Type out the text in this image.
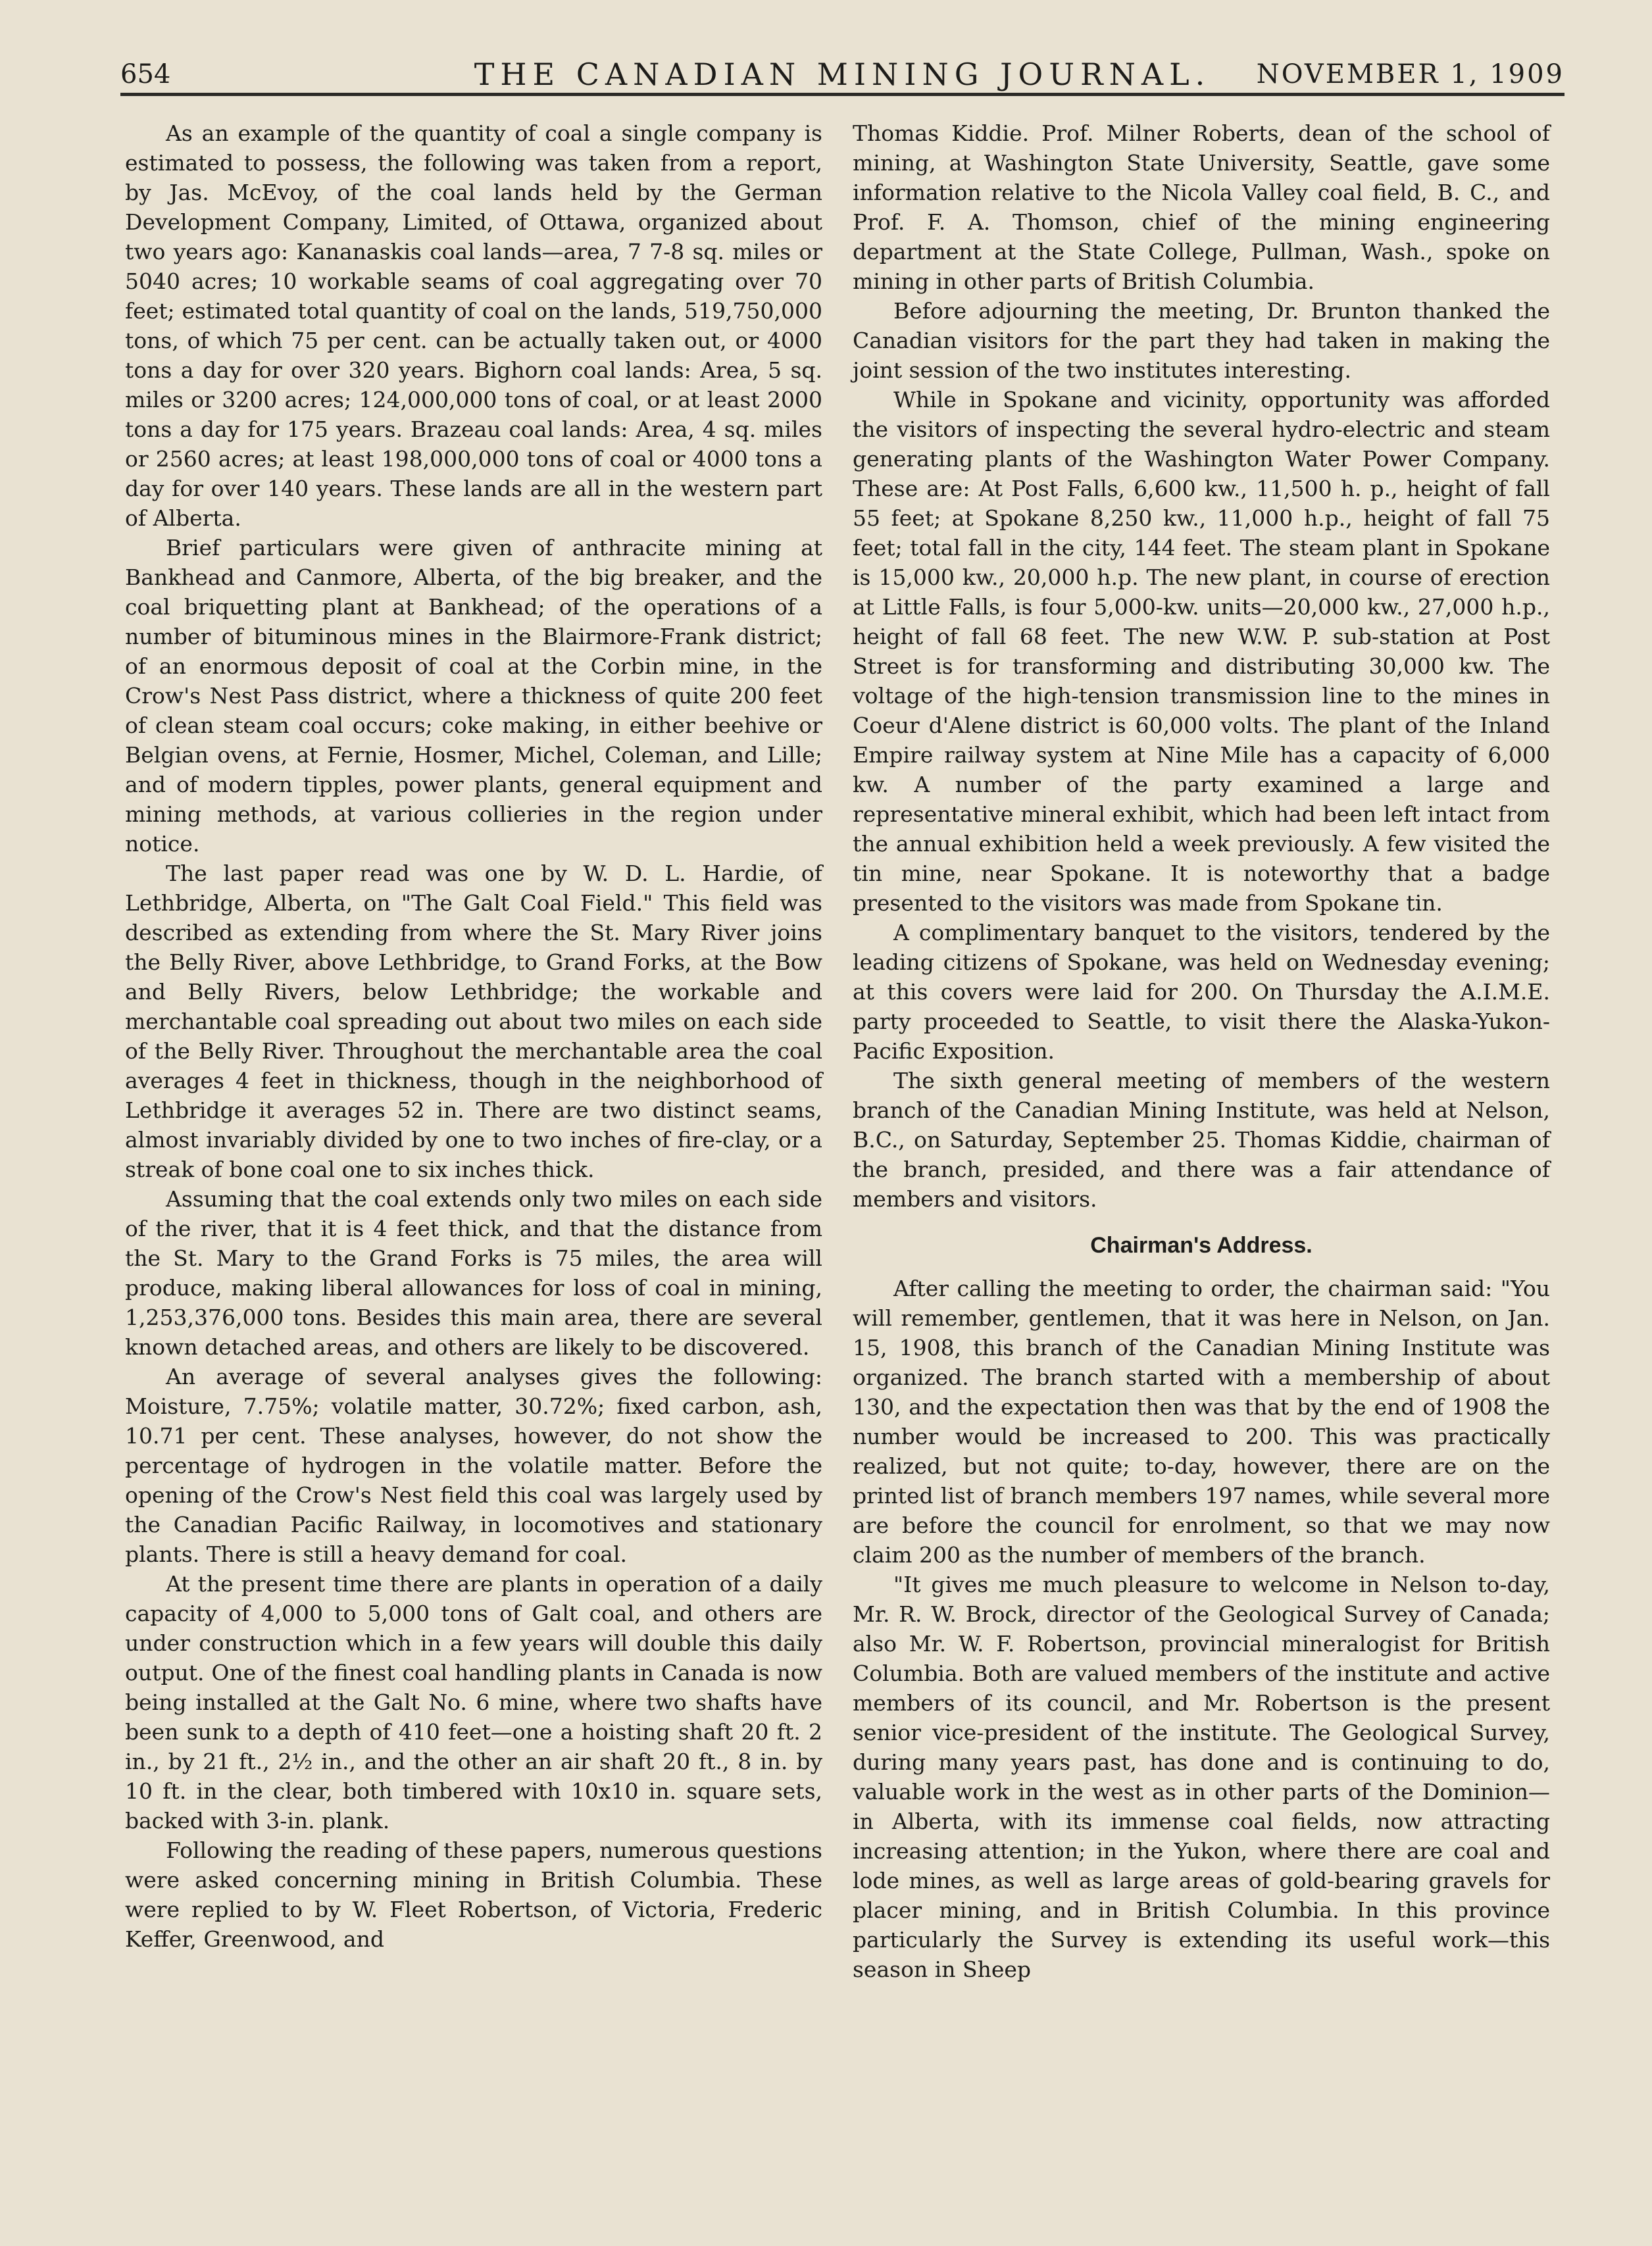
654	THE CANADIAN MINING JOURNAL.	NOVEMBER 1, 1909

As an example of the quantity of coal a single company is estimated to possess, the following was taken from a report, by Jas. McEvoy, of the coal lands held by the German Development Company, Limited, of Ottawa, organized about two years ago: Kananaskis coal lands—area, 7 7-8 sq. miles or 5040 acres; 10 workable seams of coal aggregating over 70 feet; estimated total quantity of coal on the lands, 519,750,000 tons, of which 75 per cent. can be actually taken out, or 4000 tons a day for over 320 years. Bighorn coal lands: Area, 5 sq. miles or 3200 acres; 124,000,000 tons of coal, or at least 2000 tons a day for 175 years. Brazeau coal lands: Area, 4 sq. miles or 2560 acres; at least 198,000,000 tons of coal or 4000 tons a day for over 140 years. These lands are all in the western part of Alberta.

Brief particulars were given of anthracite mining at Bankhead and Canmore, Alberta, of the big breaker, and the coal briquetting plant at Bankhead; of the operations of a number of bituminous mines in the Blairmore-Frank district; of an enormous deposit of coal at the Corbin mine, in the Crow's Nest Pass district, where a thickness of quite 200 feet of clean steam coal occurs; coke making, in either beehive or Belgian ovens, at Fernie, Hosmer, Michel, Coleman, and Lille; and of modern tipples, power plants, general equipment and mining methods, at various collieries in the region under notice.

The last paper read was one by W. D. L. Hardie, of Lethbridge, Alberta, on "The Galt Coal Field." This field was described as extending from where the St. Mary River joins the Belly River, above Lethbridge, to Grand Forks, at the Bow and Belly Rivers, below Lethbridge; the workable and merchantable coal spreading out about two miles on each side of the Belly River. Throughout the merchantable area the coal averages 4 feet in thickness, though in the neighborhood of Lethbridge it averages 52 in. There are two distinct seams, almost invariably divided by one to two inches of fire-clay, or a streak of bone coal one to six inches thick.

Assuming that the coal extends only two miles on each side of the river, that it is 4 feet thick, and that the distance from the St. Mary to the Grand Forks is 75 miles, the area will produce, making liberal allowances for loss of coal in mining, 1,253,376,000 tons. Besides this main area, there are several known detached areas, and others are likely to be discovered.

An average of several analyses gives the following: Moisture, 7.75%; volatile matter, 30.72%; fixed carbon, ash, 10.71 per cent. These analyses, however, do not show the percentage of hydrogen in the volatile matter. Before the opening of the Crow's Nest field this coal was largely used by the Canadian Pacific Railway, in locomotives and stationary plants. There is still a heavy demand for coal.

At the present time there are plants in operation of a daily capacity of 4,000 to 5,000 tons of Galt coal, and others are under construction which in a few years will double this daily output. One of the finest coal handling plants in Canada is now being installed at the Galt No. 6 mine, where two shafts have been sunk to a depth of 410 feet—one a hoisting shaft 20 ft. 2 in., by 21 ft., 2½ in., and the other an air shaft 20 ft., 8 in. by 10 ft. in the clear, both timbered with 10x10 in. square sets, backed with 3-in. plank.

Following the reading of these papers, numerous questions were asked concerning mining in British Columbia. These were replied to by W. Fleet Robertson, of Victoria, Frederic Keffer, Greenwood, and

Thomas Kiddie. Prof. Milner Roberts, dean of the school of mining, at Washington State University, Seattle, gave some information relative to the Nicola Valley coal field, B. C., and Prof. F. A. Thomson, chief of the mining engineering department at the State College, Pullman, Wash., spoke on mining in other parts of British Columbia.

Before adjourning the meeting, Dr. Brunton thanked the Canadian visitors for the part they had taken in making the joint session of the two institutes interesting.

While in Spokane and vicinity, opportunity was afforded the visitors of inspecting the several hydro-electric and steam generating plants of the Washington Water Power Company. These are: At Post Falls, 6,600 kw., 11,500 h. p., height of fall 55 feet; at Spokane 8,250 kw., 11,000 h.p., height of fall 75 feet; total fall in the city, 144 feet. The steam plant in Spokane is 15,000 kw., 20,000 h.p. The new plant, in course of erection at Little Falls, is four 5,000-kw. units—20,000 kw., 27,000 h.p., height of fall 68 feet. The new W.W. P. sub-station at Post Street is for transforming and distributing 30,000 kw. The voltage of the high-tension transmission line to the mines in Coeur d'Alene district is 60,000 volts. The plant of the Inland Empire railway system at Nine Mile has a capacity of 6,000 kw. A number of the party examined a large and representative mineral exhibit, which had been left intact from the annual exhibition held a week previously. A few visited the tin mine, near Spokane. It is noteworthy that a badge presented to the visitors was made from Spokane tin.

A complimentary banquet to the visitors, tendered by the leading citizens of Spokane, was held on Wednesday evening; at this covers were laid for 200. On Thursday the A.I.M.E. party proceeded to Seattle, to visit there the Alaska-Yukon-Pacific Exposition.

The sixth general meeting of members of the western branch of the Canadian Mining Institute, was held at Nelson, B.C., on Saturday, September 25. Thomas Kiddie, chairman of the branch, presided, and there was a fair attendance of members and visitors.

Chairman's Address.

After calling the meeting to order, the chairman said: "You will remember, gentlemen, that it was here in Nelson, on Jan. 15, 1908, this branch of the Canadian Mining Institute was organized. The branch started with a membership of about 130, and the expectation then was that by the end of 1908 the number would be increased to 200. This was practically realized, but not quite; to-day, however, there are on the printed list of branch members 197 names, while several more are before the council for enrolment, so that we may now claim 200 as the number of members of the branch.

"It gives me much pleasure to welcome in Nelson to-day, Mr. R. W. Brock, director of the Geological Survey of Canada; also Mr. W. F. Robertson, provincial mineralogist for British Columbia. Both are valued members of the institute and active members of its council, and Mr. Robertson is the present senior vice-president of the institute. The Geological Survey, during many years past, has done and is continuing to do, valuable work in the west as in other parts of the Dominion—in Alberta, with its immense coal fields, now attracting increasing attention; in the Yukon, where there are coal and lode mines, as well as large areas of gold-bearing gravels for placer mining, and in British Columbia. In this province particularly the Survey is extending its useful work—this season in Sheep
